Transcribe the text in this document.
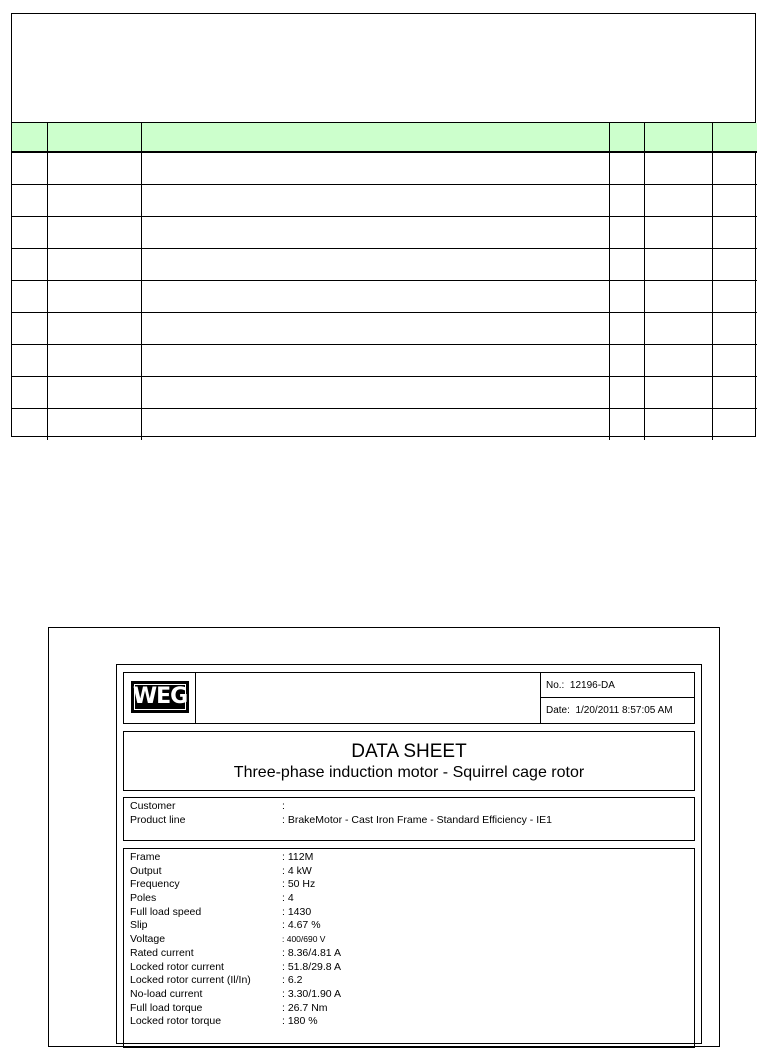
WEG	No.: 12196-DA
Date: 1/20/2011 8:57:05 AM
DATA SHEET
Three-phase induction motor - Squirrel cage rotor
Customer	:
Product line	: BrakeMotor - Cast Iron Frame - Standard Efficiency - IE1
Frame	: 112M
Output	: 4 kW
Frequency	: 50 Hz
Poles	: 4
Full load speed	: 1430
Slip	: 4.67 %
Voltage	: 400/690 V
Rated current	: 8.36/4.81 A
Locked rotor current	: 51.8/29.8 A
Locked rotor current (Il/In)	: 6.2
No-load current	: 3.30/1.90 A
Full load torque	: 26.7 Nm
Locked rotor torque	: 180 %
